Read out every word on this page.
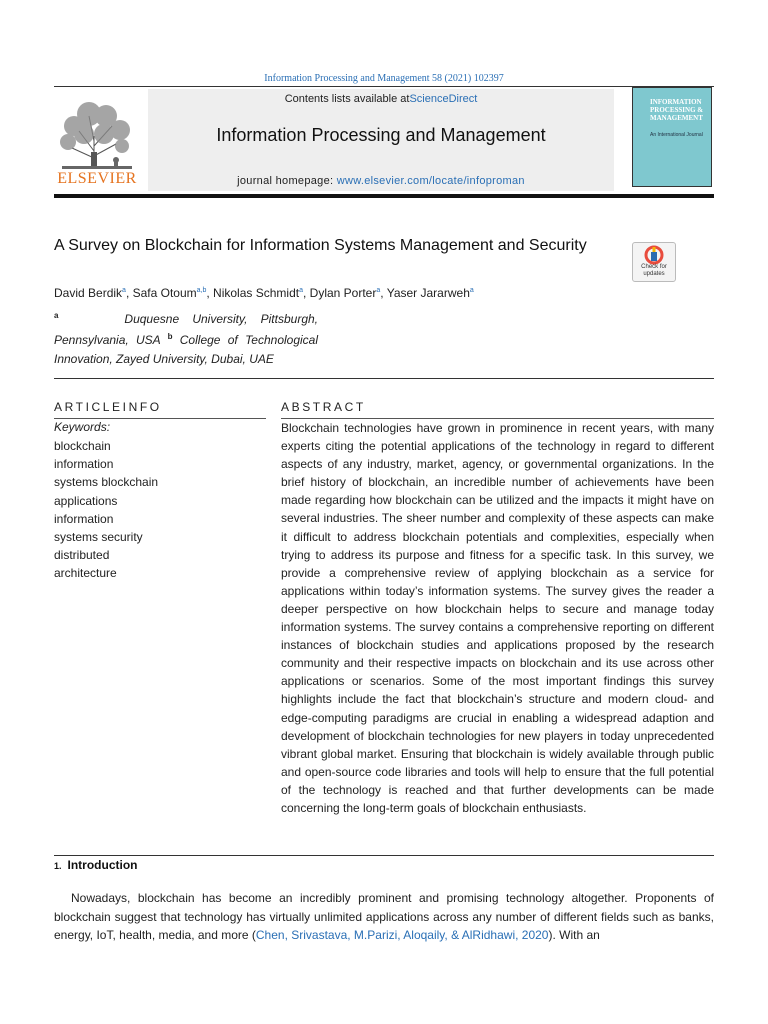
Information Processing and Management 58 (2021) 102397
ELSEVIER
Contents lists available atScienceDirect
Information Processing and Management
journal homepage: www.elsevier.com/locate/infoproman
INFORMATION PROCESSING & MANAGEMENT
An International Journal
A Survey on Blockchain for Information Systems Management and Security
Check for updates
David Berdik$^a$, Safa Otoum$^{a,b}$, Nikolas Schmidt$^a$, Dylan Porter$^a$, Yaser Jararweh$^a$
$^a$	Duquesne University, Pittsburgh,
Pennsylvania, USA $^b$ College of Technological
Innovation, Zayed University, Dubai, UAE
ARTICLEINFO	ABSTRACT
Keywords:
blockchain
information
systems blockchain
applications
information
systems security
distributed
architecture
Blockchain technologies have grown in prominence in recent years, with many experts citing the potential applications of the technology in regard to different aspects of any industry, market, agency, or governmental organizations. In the brief history of blockchain, an incredible number of achievements have been made regarding how blockchain can be utilized and the impacts it might have on several industries. The sheer number and complexity of these aspects can make it difficult to address blockchain potentials and complexities, especially when trying to address its purpose and fitness for a specific task. In this survey, we provide a comprehensive review of applying blockchain as a service for applications within today’s information systems. The survey gives the reader a deeper perspective on how blockchain helps to secure and manage today information systems. The survey contains a comprehensive reporting on different instances of blockchain studies and applications proposed by the research community and their respective impacts on blockchain and its use across other applications or scenarios. Some of the most important findings this survey highlights include the fact that blockchain’s structure and modern cloud- and edge-computing paradigms are crucial in enabling a widespread adaption and development of blockchain technologies for new players in today unprecedented vibrant global market. Ensuring that blockchain is widely available through public and open-source code libraries and tools will help to ensure that the full potential of the technology is reached and that further developments can be made concerning the long-term goals of blockchain enthusiasts.
1. Introduction
Nowadays, blockchain has become an incredibly prominent and promising technology altogether. Proponents of blockchain suggest that technology has virtually unlimited applications across any number of different fields such as banks, energy, IoT, health, media, and more (Chen, Srivastava, M.Parizi, Aloqaily, & AlRidhawi, 2020). With an
